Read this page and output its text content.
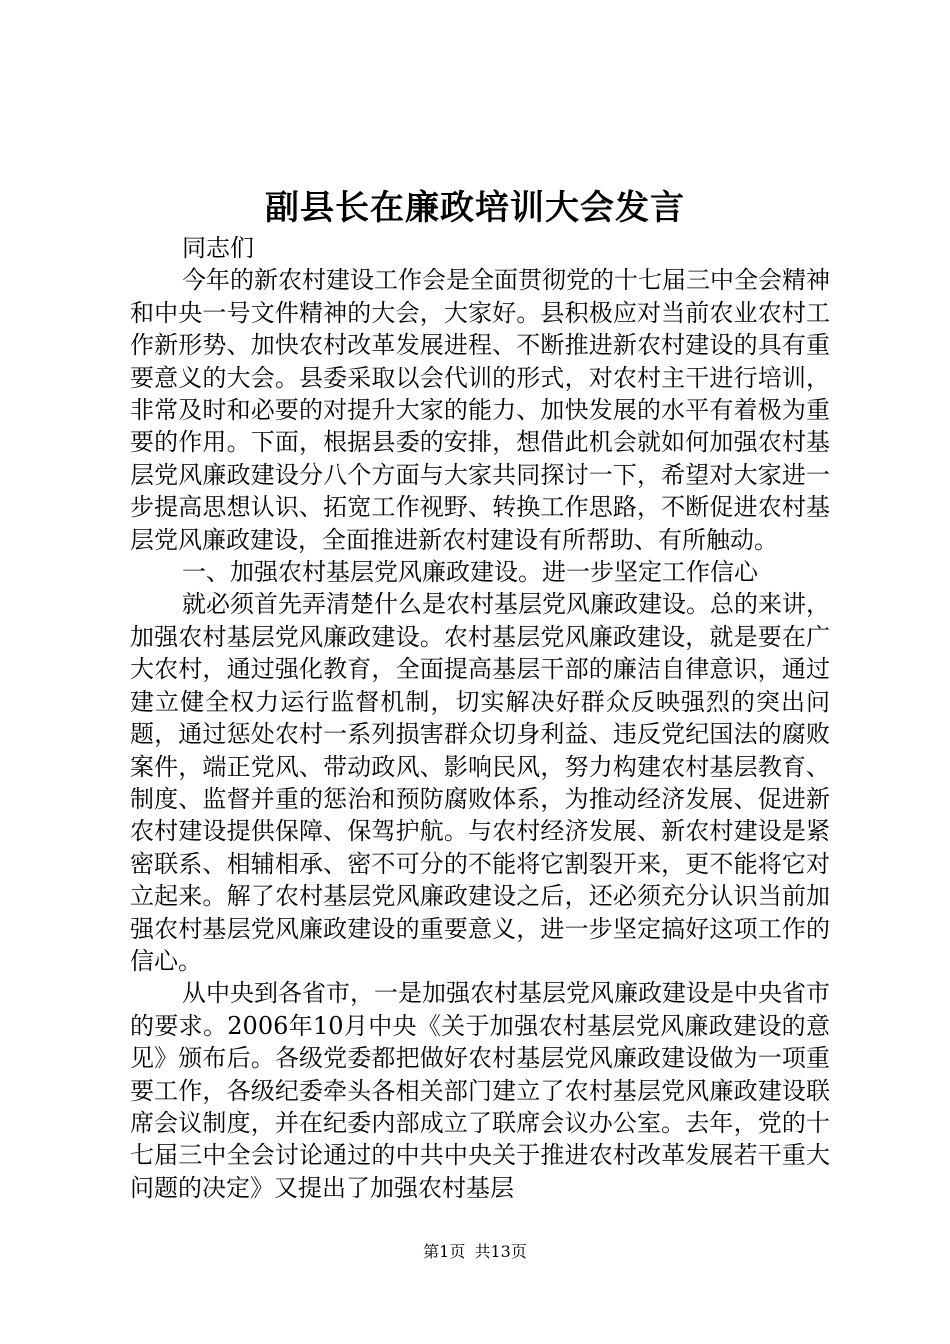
副县长在廉政培训大会发言

同志们

今年的新农村建设工作会是全面贯彻党的十七届三中全会精神和中央一号文件精神的大会，大家好。县积极应对当前农业农村工作新形势、加快农村改革发展进程、不断推进新农村建设的具有重要意义的大会。县委采取以会代训的形式，对农村主干进行培训，非常及时和必要的对提升大家的能力、加快发展的水平有着极为重要的作用。下面，根据县委的安排，想借此机会就如何加强农村基层党风廉政建设分八个方面与大家共同探讨一下，希望对大家进一步提高思想认识、拓宽工作视野、转换工作思路，不断促进农村基层党风廉政建设，全面推进新农村建设有所帮助、有所触动。

一、加强农村基层党风廉政建设。进一步坚定工作信心

就必须首先弄清楚什么是农村基层党风廉政建设。总的来讲，加强农村基层党风廉政建设。农村基层党风廉政建设，就是要在广大农村，通过强化教育，全面提高基层干部的廉洁自律意识，通过建立健全权力运行监督机制，切实解决好群众反映强烈的突出问题，通过惩处农村一系列损害群众切身利益、违反党纪国法的腐败案件，端正党风、带动政风、影响民风，努力构建农村基层教育、制度、监督并重的惩治和预防腐败体系，为推动经济发展、促进新农村建设提供保障、保驾护航。与农村经济发展、新农村建设是紧密联系、相辅相承、密不可分的不能将它割裂开来，更不能将它对立起来。解了农村基层党风廉政建设之后，还必须充分认识当前加强农村基层党风廉政建设的重要意义，进一步坚定搞好这项工作的信心。

从中央到各省市，一是加强农村基层党风廉政建设是中央省市的要求。2006年10月中央《关于加强农村基层党风廉政建设的意见》颁布后。各级党委都把做好农村基层党风廉政建设做为一项重要工作，各级纪委牵头各相关部门建立了农村基层党风廉政建设联席会议制度，并在纪委内部成立了联席会议办公室。去年，党的十七届三中全会讨论通过的中共中央关于推进农村改革发展若干重大问题的决定》又提出了加强农村基层

第1页 共13页
